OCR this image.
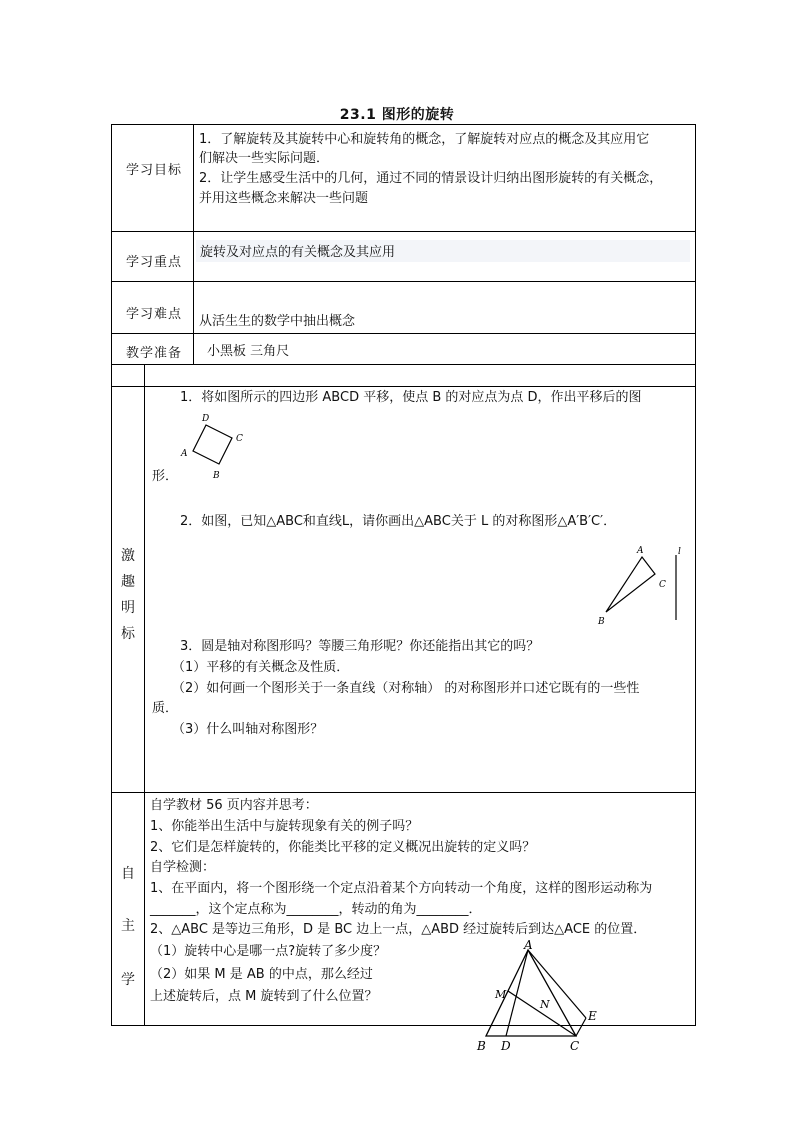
23.1 图形的旋转
学习目标
1．了解旋转及其旋转中心和旋转角的概念，了解旋转对应点的概念及其应用它
们解决一些实际问题．
2．让学生感受生活中的几何，通过不同的情景设计归纳出图形旋转的有关概念，
并用这些概念来解决一些问题
学习重点
旋转及对应点的有关概念及其应用
学习难点 从活生生的数学中抽出概念
教学准备 小黑板 三角尺
激
趣
明
标
1．将如图所示的四边形 ABCD 平移，使点 B 的对应点为点 D，作出平移后的图
D
C
B
A
形．
2．如图，已知△ABC和直线L，请你画出△ABC关于 L 的对称图形△A′B′C′．
A
C
B
l
3．圆是轴对称图形吗？等腰三角形呢？你还能指出其它的吗？
（1）平移的有关概念及性质．
（2）如何画一个图形关于一条直线（对称轴） 的对称图形并口述它既有的一些性
质．
（3）什么叫轴对称图形？
自
主
学
自学教材 56 页内容并思考：
1、你能举出生活中与旋转现象有关的例子吗？
2、它们是怎样旋转的，你能类比平移的定义概况出旋转的定义吗？
自学检测：
1、在平面内，将一个图形绕一个定点沿着某个方向转动一个角度，这样的图形运动称为
_______，这个定点称为________，转动的角为________．
2、△ABC 是等边三角形，D 是 BC 边上一点，△ABD 经过旋转后到达△ACE 的位置．
（1）旋转中心是哪一点?旋转了多少度？
（2）如果 M 是 AB 的中点，那么经过
上述旋转后，点 M 旋转到了什么位置？
A
M
N
E
B D	C
